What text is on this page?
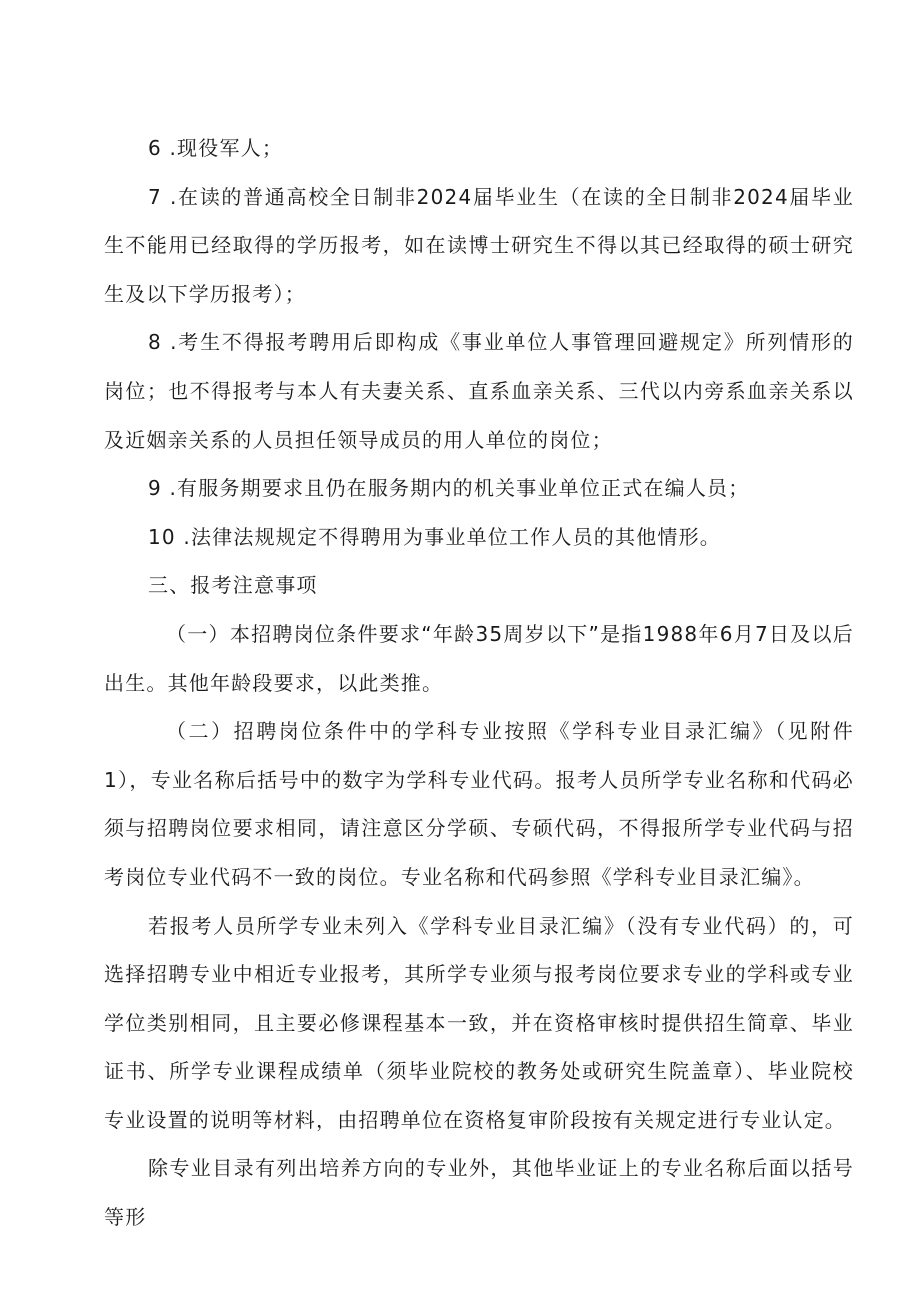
6 .现役军人；

7 .在读的普通高校全日制非2024届毕业生（在读的全日制非2024届毕业生不能用已经取得的学历报考，如在读博士研究生不得以其已经取得的硕士研究生及以下学历报考）；

8 .考生不得报考聘用后即构成《事业单位人事管理回避规定》所列情形的岗位；也不得报考与本人有夫妻关系、直系血亲关系、三代以内旁系血亲关系以及近姻亲关系的人员担任领导成员的用人单位的岗位；

9 .有服务期要求且仍在服务期内的机关事业单位正式在编人员；

10 .法律法规规定不得聘用为事业单位工作人员的其他情形。

三、报考注意事项

（一）本招聘岗位条件要求“年龄35周岁以下”是指1988年6月7日及以后出生。其他年龄段要求，以此类推。

（二）招聘岗位条件中的学科专业按照《学科专业目录汇编》（见附件1），专业名称后括号中的数字为学科专业代码。报考人员所学专业名称和代码必须与招聘岗位要求相同，请注意区分学硕、专硕代码，不得报所学专业代码与招考岗位专业代码不一致的岗位。专业名称和代码参照《学科专业目录汇编》。

若报考人员所学专业未列入《学科专业目录汇编》（没有专业代码）的，可选择招聘专业中相近专业报考，其所学专业须与报考岗位要求专业的学科或专业学位类别相同，且主要必修课程基本一致，并在资格审核时提供招生简章、毕业证书、所学专业课程成绩单（须毕业院校的教务处或研究生院盖章）、毕业院校专业设置的说明等材料，由招聘单位在资格复审阶段按有关规定进行专业认定。

除专业目录有列出培养方向的专业外，其他毕业证上的专业名称后面以括号等形
